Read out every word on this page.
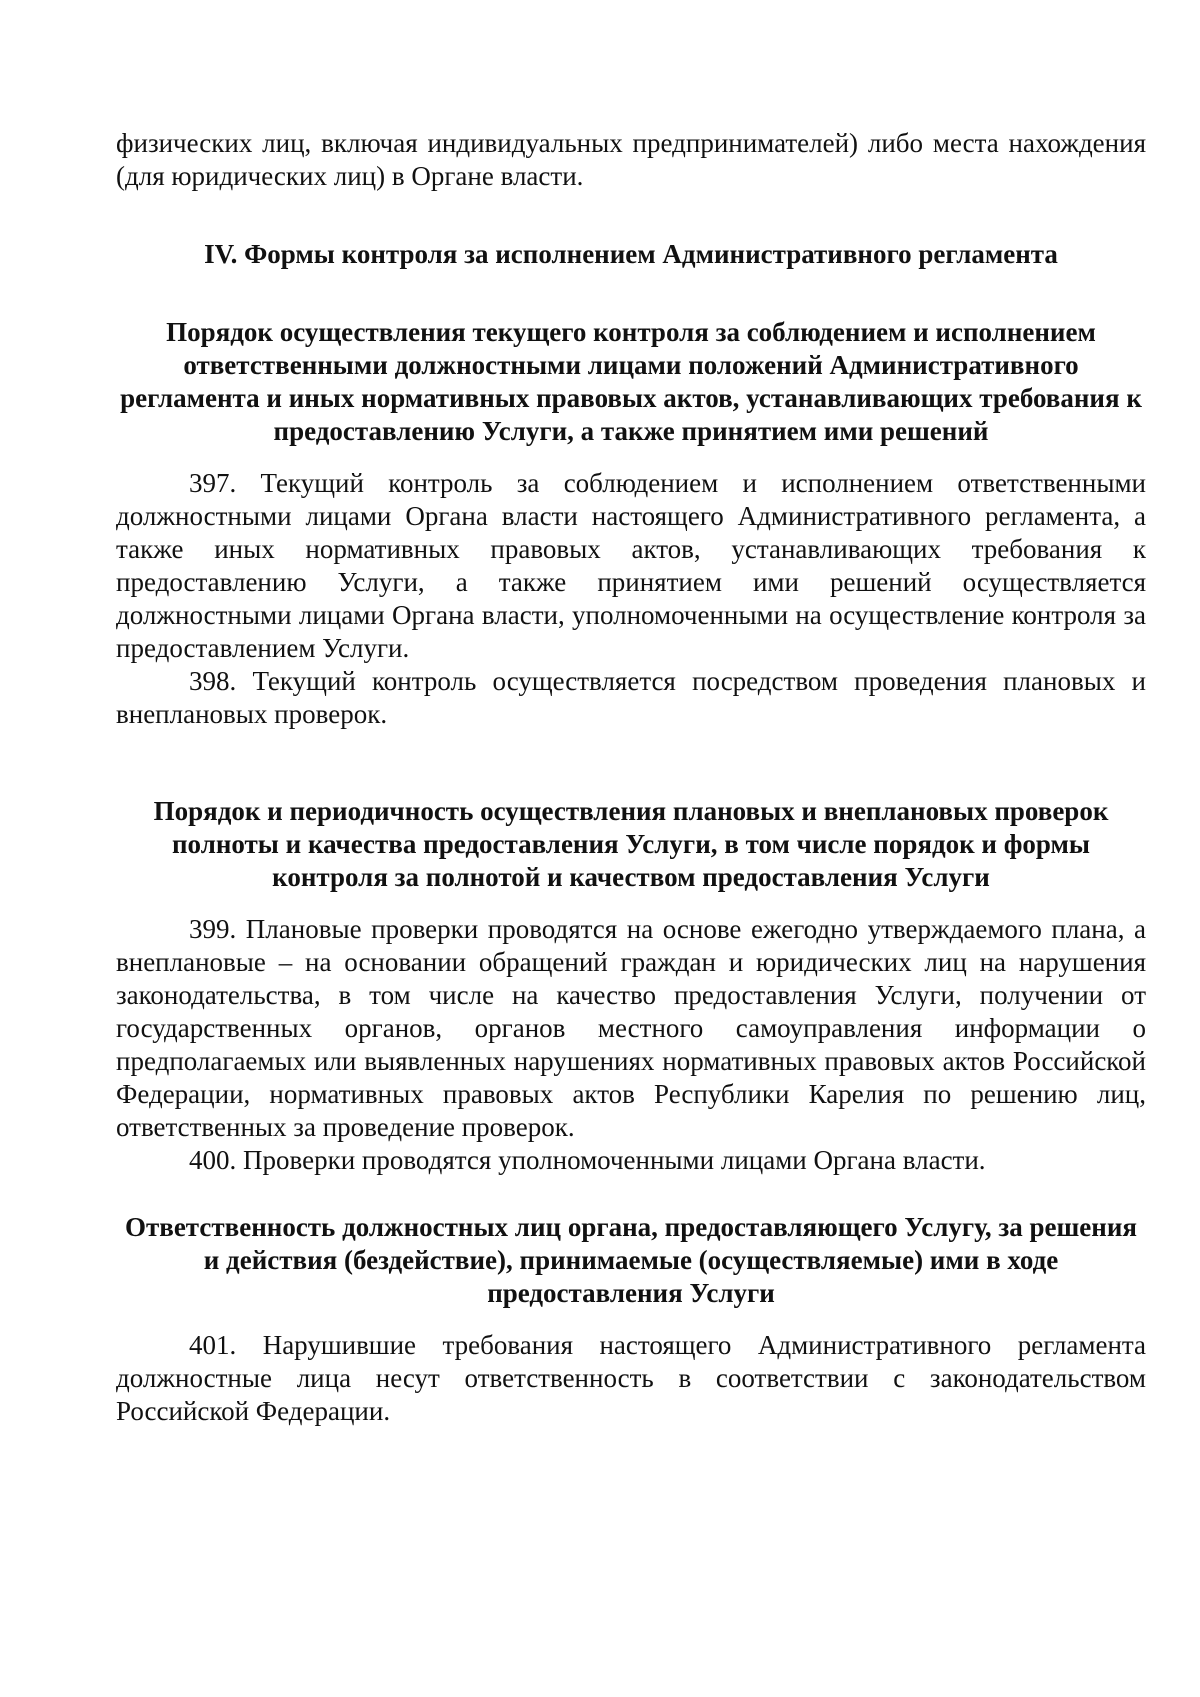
физических лиц, включая индивидуальных предпринимателей) либо места нахождения (для юридических лиц) в Органе власти.

IV. Формы контроля за исполнением Административного регламента
Порядок осуществления текущего контроля за соблюдением и исполнением ответственными должностными лицами положений Административного регламента и иных нормативных правовых актов, устанавливающих требования к предоставлению Услуги, а также принятием ими решений

397. Текущий контроль за соблюдением и исполнением ответственными должностными лицами Органа власти настоящего Административного регламента, а также иных нормативных правовых актов, устанавливающих требования к предоставлению Услуги, а также принятием ими решений осуществляется должностными лицами Органа власти, уполномоченными на осуществление контроля за предоставлением Услуги.

398. Текущий контроль осуществляется посредством проведения плановых и внеплановых проверок.

Порядок и периодичность осуществления плановых и внеплановых проверок полноты и качества предоставления Услуги, в том числе порядок и формы контроля за полнотой и качеством предоставления Услуги

399. Плановые проверки проводятся на основе ежегодно утверждаемого плана, а внеплановые – на основании обращений граждан и юридических лиц на нарушения законодательства, в том числе на качество предоставления Услуги, получении от государственных органов, органов местного самоуправления информации о предполагаемых или выявленных нарушениях нормативных правовых актов Российской Федерации, нормативных правовых актов Республики Карелия по решению лиц, ответственных за проведение проверок.

400. Проверки проводятся уполномоченными лицами Органа власти.

Ответственность должностных лиц органа, предоставляющего Услугу, за решения и действия (бездействие), принимаемые (осуществляемые) ими в ходе предоставления Услуги

401. Нарушившие требования настоящего Административного регламента должностные лица несут ответственность в соответствии с законодательством Российской Федерации.
